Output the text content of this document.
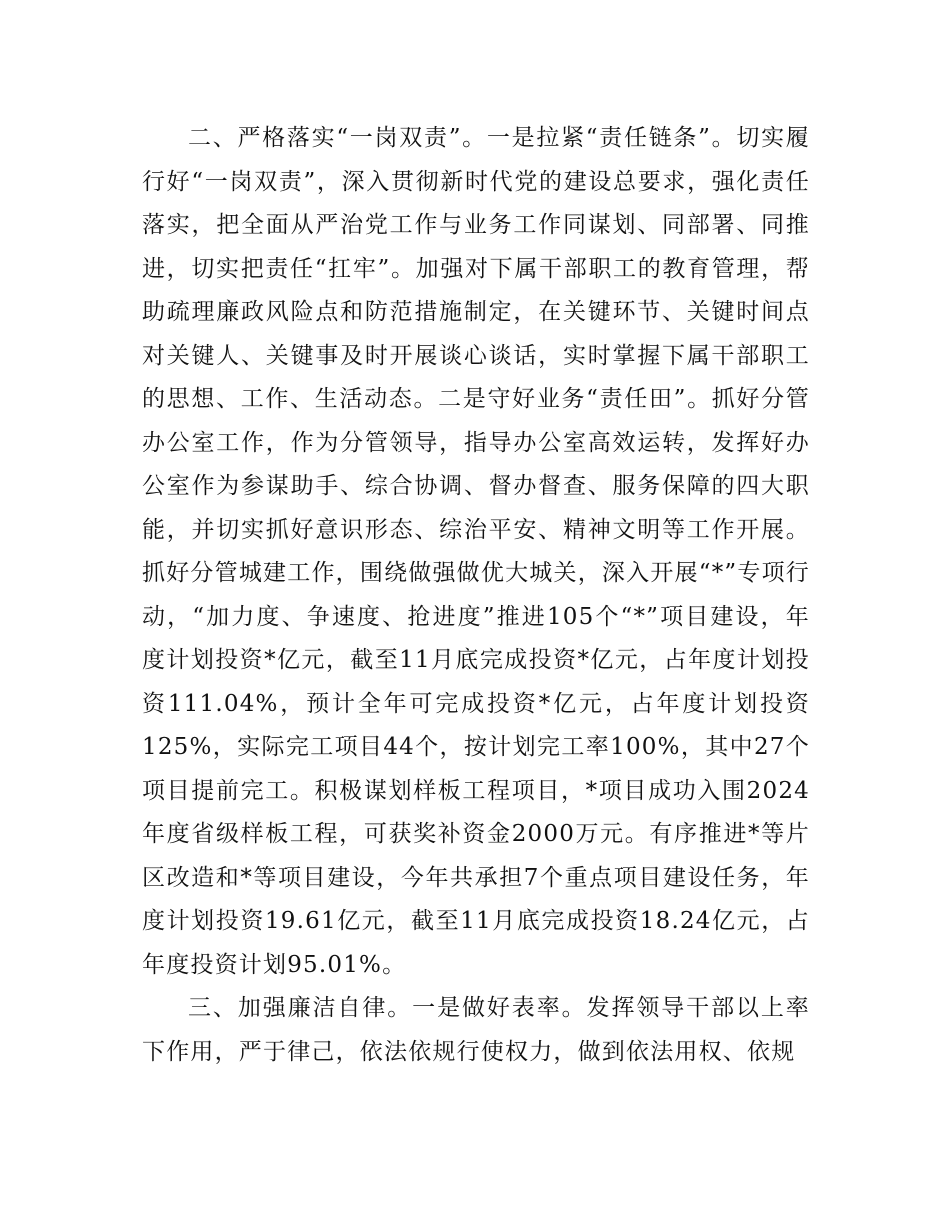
二、严格落实“一岗双责”。一是拉紧“责任链条”。切实履行好“一岗双责”，深入贯彻新时代党的建设总要求，强化责任落实，把全面从严治党工作与业务工作同谋划、同部署、同推进，切实把责任“扛牢”。加强对下属干部职工的教育管理，帮助疏理廉政风险点和防范措施制定，在关键环节、关键时间点对关键人、关键事及时开展谈心谈话，实时掌握下属干部职工的思想、工作、生活动态。二是守好业务“责任田”。抓好分管办公室工作，作为分管领导，指导办公室高效运转，发挥好办公室作为参谋助手、综合协调、督办督查、服务保障的四大职能，并切实抓好意识形态、综治平安、精神文明等工作开展。抓好分管城建工作，围绕做强做优大城关，深入开展“*”专项行动，“加力度、争速度、抢进度”推进105个“*”项目建设，年度计划投资*亿元，截至11月底完成投资*亿元，占年度计划投资111.04%，预计全年可完成投资*亿元，占年度计划投资125%，实际完工项目44个，按计划完工率100%，其中27个项目提前完工。积极谋划样板工程项目，*项目成功入围2024年度省级样板工程，可获奖补资金2000万元。有序推进*等片区改造和*等项目建设，今年共承担7个重点项目建设任务，年度计划投资19.61亿元，截至11月底完成投资18.24亿元，占年度投资计划95.01%。

三、加强廉洁自律。一是做好表率。发挥领导干部以上率下作用，严于律己，依法依规行使权力，做到依法用权、依规
